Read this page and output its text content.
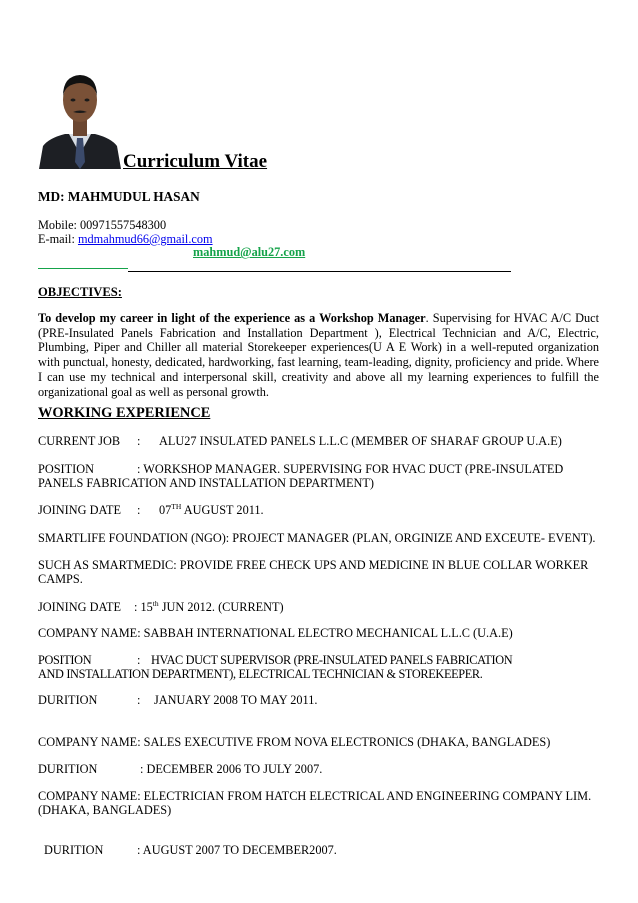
Curriculum Vitae
MD: MAHMUDUL HASAN
Mobile: 00971557548300
E-mail: mdmahmud66@gmail.com
mahmud@alu27.com
OBJECTIVES:
To develop my career in light of the experience as a Workshop Manager. Supervising for HVAC A/C Duct (PRE-Insulated Panels Fabrication and Installation Department ), Electrical Technician and A/C, Electric, Plumbing, Piper and Chiller all material Storekeeper experiences(U A E Work) in a well-reputed organization with punctual, honesty, dedicated, hardworking, fast learning, team-leading, dignity, proficiency and pride. Where I can use my technical and interpersonal skill, creativity and above all my learning experiences to fulfill the organizational goal as well as personal growth.
WORKING EXPERIENCE
CURRENT JOB : ALU27 INSULATED PANELS L.L.C (MEMBER OF SHARAF GROUP U.A.E)
POSITION	: WORKSHOP MANAGER. SUPERVISING FOR HVAC DUCT (PRE-INSULATED PANELS FABRICATION AND INSTALLATION DEPARTMENT)
JOINING DATE : 07TH AUGUST 2011.
SMARTLIFE FOUNDATION (NGO): PROJECT MANAGER (PLAN, ORGINIZE AND EXCEUTE- EVENT).
SUCH AS SMARTMEDIC: PROVIDE FREE CHECK UPS AND MEDICINE IN BLUE COLLAR WORKER CAMPS.
JOINING DATE : 15th JUN 2012. (CURRENT)
COMPANY NAME: SABBAH INTERNATIONAL ELECTRO MECHANICAL L.L.C (U.A.E)
POSITION	: HVAC DUCT SUPERVISOR (PRE-INSULATED PANELS FABRICATION
AND INSTALLATION DEPARTMENT), ELECTRICAL TECHNICIAN & STOREKEEPER.
DURITION	: JANUARY 2008 TO MAY 2011.
COMPANY NAME: SALES EXECUTIVE FROM NOVA ELECTRONICS (DHAKA, BANGLADES)
DURITION	: DECEMBER 2006 TO JULY 2007.
COMPANY NAME: ELECTRICIAN FROM HATCH ELECTRICAL AND ENGINEERING COMPANY LIM. (DHAKA, BANGLADES)
DURITION	: AUGUST 2007 TO DECEMBER2007.
